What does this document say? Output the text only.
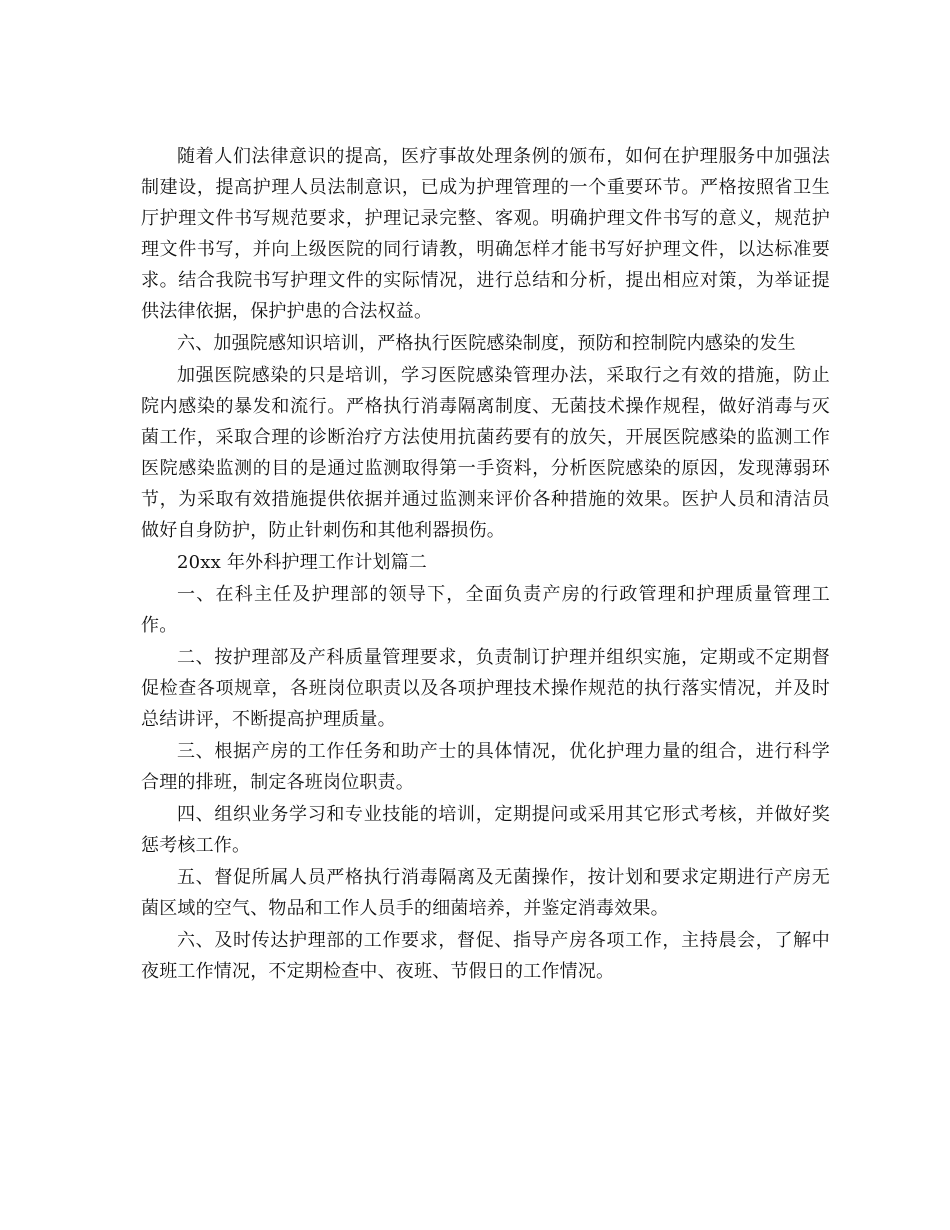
随着人们法律意识的提高，医疗事故处理条例的颁布，如何在护理服务中加强法制建设，提高护理人员法制意识，已成为护理管理的一个重要环节。严格按照省卫生厅护理文件书写规范要求，护理记录完整、客观。明确护理文件书写的意义，规范护理文件书写，并向上级医院的同行请教，明确怎样才能书写好护理文件，以达标准要求。结合我院书写护理文件的实际情况，进行总结和分析，提出相应对策，为举证提供法律依据，保护护患的合法权益。

六、加强院感知识培训，严格执行医院感染制度，预防和控制院内感染的发生

加强医院感染的只是培训，学习医院感染管理办法，采取行之有效的措施，防止院内感染的暴发和流行。严格执行消毒隔离制度、无菌技术操作规程，做好消毒与灭菌工作，采取合理的诊断治疗方法使用抗菌药要有的放矢，开展医院感染的监测工作医院感染监测的目的是通过监测取得第一手资料，分析医院感染的原因，发现薄弱环节，为采取有效措施提供依据并通过监测来评价各种措施的效果。医护人员和清洁员做好自身防护，防止针刺伤和其他利器损伤。

20xx 年外科护理工作计划篇二

一、在科主任及护理部的领导下，全面负责产房的行政管理和护理质量管理工作。

二、按护理部及产科质量管理要求，负责制订护理并组织实施，定期或不定期督促检查各项规章，各班岗位职责以及各项护理技术操作规范的执行落实情况，并及时总结讲评，不断提高护理质量。

三、根据产房的工作任务和助产士的具体情况，优化护理力量的组合，进行科学合理的排班，制定各班岗位职责。

四、组织业务学习和专业技能的培训，定期提问或采用其它形式考核，并做好奖惩考核工作。

五、督促所属人员严格执行消毒隔离及无菌操作，按计划和要求定期进行产房无菌区域的空气、物品和工作人员手的细菌培养，并鉴定消毒效果。

六、及时传达护理部的工作要求，督促、指导产房各项工作，主持晨会，了解中夜班工作情况，不定期检查中、夜班、节假日的工作情况。
